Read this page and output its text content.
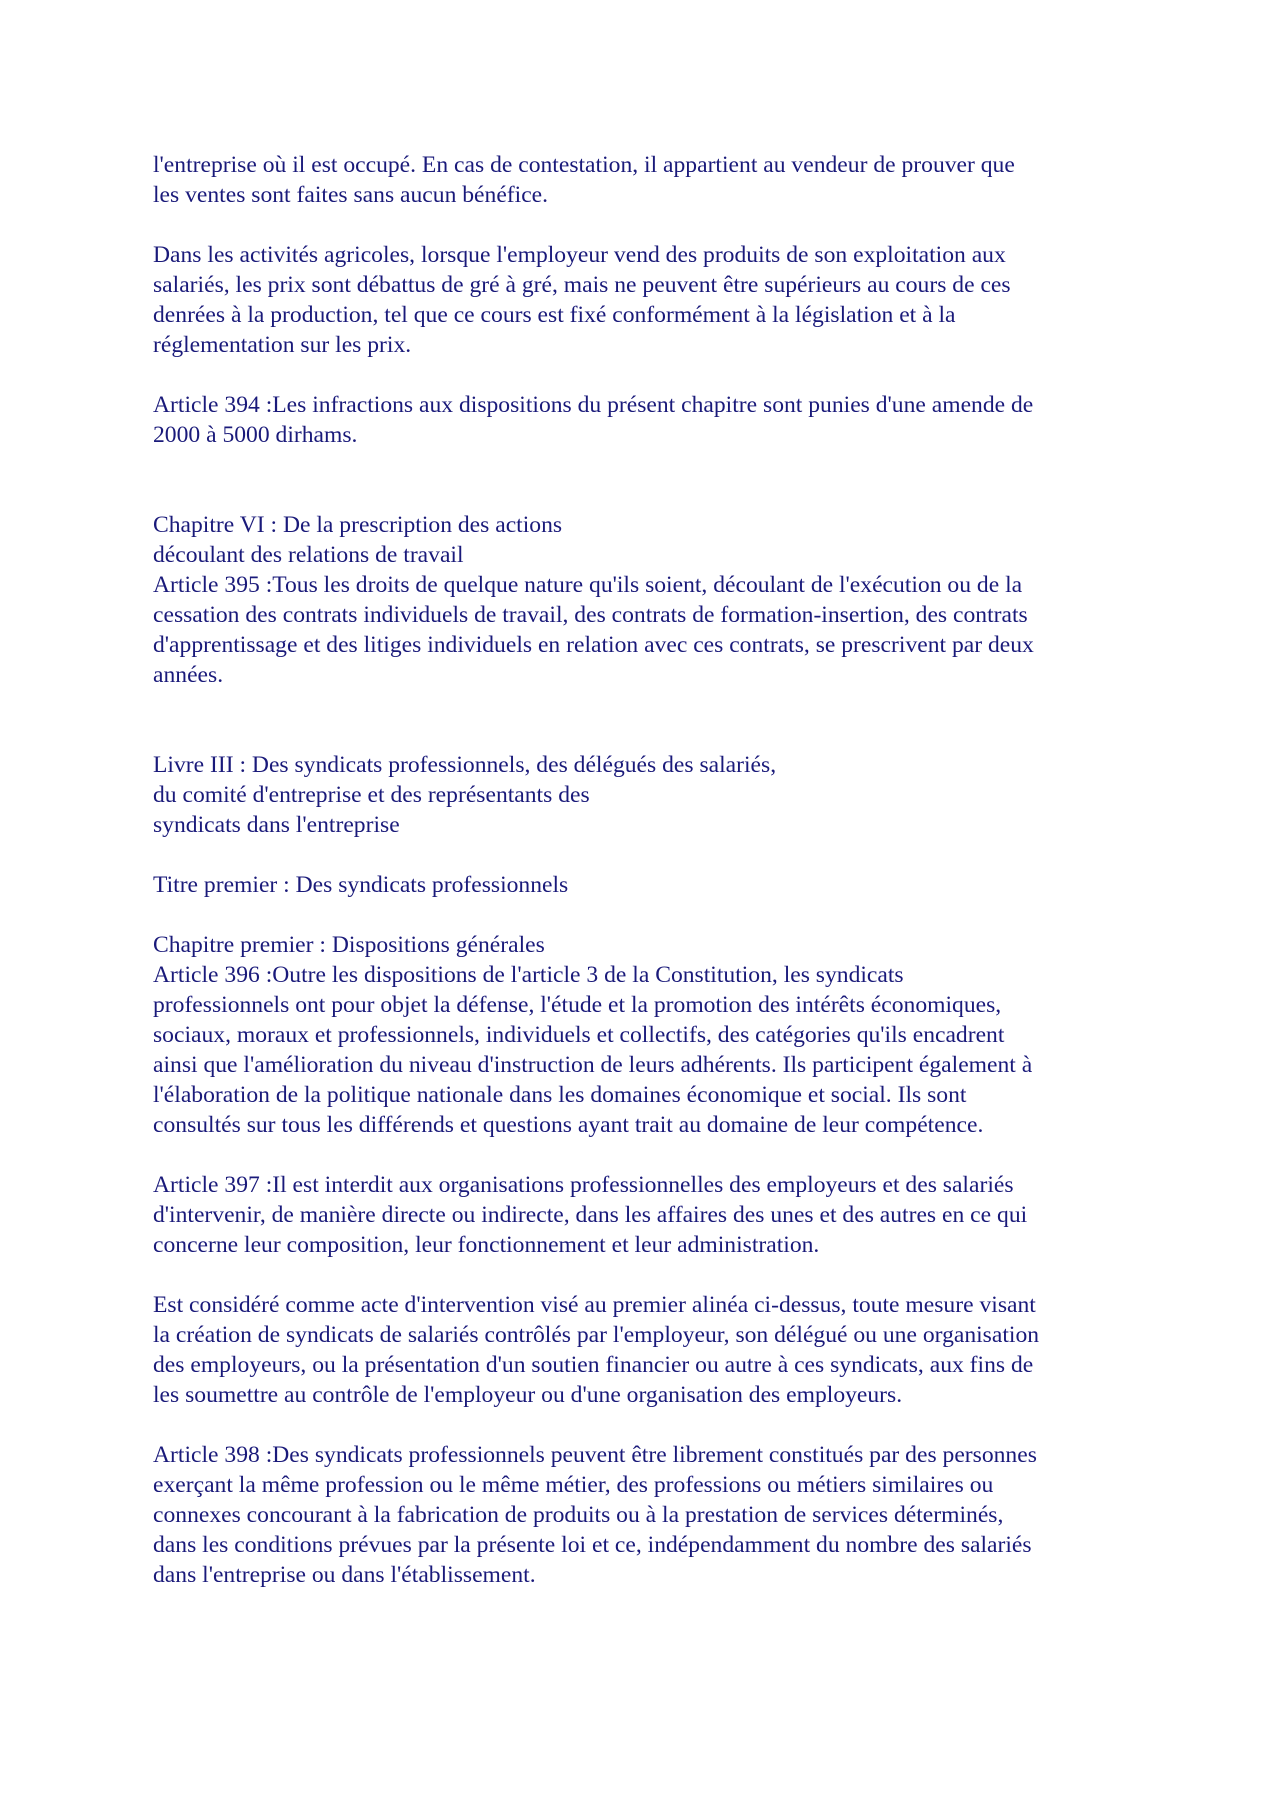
l'entreprise où il est occupé. En cas de contestation, il appartient au vendeur de prouver que
les ventes sont faites sans aucun bénéfice.
Dans les activités agricoles, lorsque l'employeur vend des produits de son exploitation aux
salariés, les prix sont débattus de gré à gré, mais ne peuvent être supérieurs au cours de ces
denrées à la production, tel que ce cours est fixé conformément à la législation et à la
réglementation sur les prix.
Article 394 :Les infractions aux dispositions du présent chapitre sont punies d'une amende de
2000 à 5000 dirhams.
Chapitre VI : De la prescription des actions
découlant des relations de travail
Article 395 :Tous les droits de quelque nature qu'ils soient, découlant de l'exécution ou de la
cessation des contrats individuels de travail, des contrats de formation-insertion, des contrats
d'apprentissage et des litiges individuels en relation avec ces contrats, se prescrivent par deux
années.
Livre III : Des syndicats professionnels, des délégués des salariés,
du comité d'entreprise et des représentants des
syndicats dans l'entreprise
Titre premier : Des syndicats professionnels
Chapitre premier : Dispositions générales
Article 396 :Outre les dispositions de l'article 3 de la Constitution, les syndicats
professionnels ont pour objet la défense, l'étude et la promotion des intérêts économiques,
sociaux, moraux et professionnels, individuels et collectifs, des catégories qu'ils encadrent
ainsi que l'amélioration du niveau d'instruction de leurs adhérents. Ils participent également à
l'élaboration de la politique nationale dans les domaines économique et social. Ils sont
consultés sur tous les différends et questions ayant trait au domaine de leur compétence.
Article 397 :Il est interdit aux organisations professionnelles des employeurs et des salariés
d'intervenir, de manière directe ou indirecte, dans les affaires des unes et des autres en ce qui
concerne leur composition, leur fonctionnement et leur administration.
Est considéré comme acte d'intervention visé au premier alinéa ci-dessus, toute mesure visant
la création de syndicats de salariés contrôlés par l'employeur, son délégué ou une organisation
des employeurs, ou la présentation d'un soutien financier ou autre à ces syndicats, aux fins de
les soumettre au contrôle de l'employeur ou d'une organisation des employeurs.
Article 398 :Des syndicats professionnels peuvent être librement constitués par des personnes
exerçant la même profession ou le même métier, des professions ou métiers similaires ou
connexes concourant à la fabrication de produits ou à la prestation de services déterminés,
dans les conditions prévues par la présente loi et ce, indépendamment du nombre des salariés
dans l'entreprise ou dans l'établissement.
